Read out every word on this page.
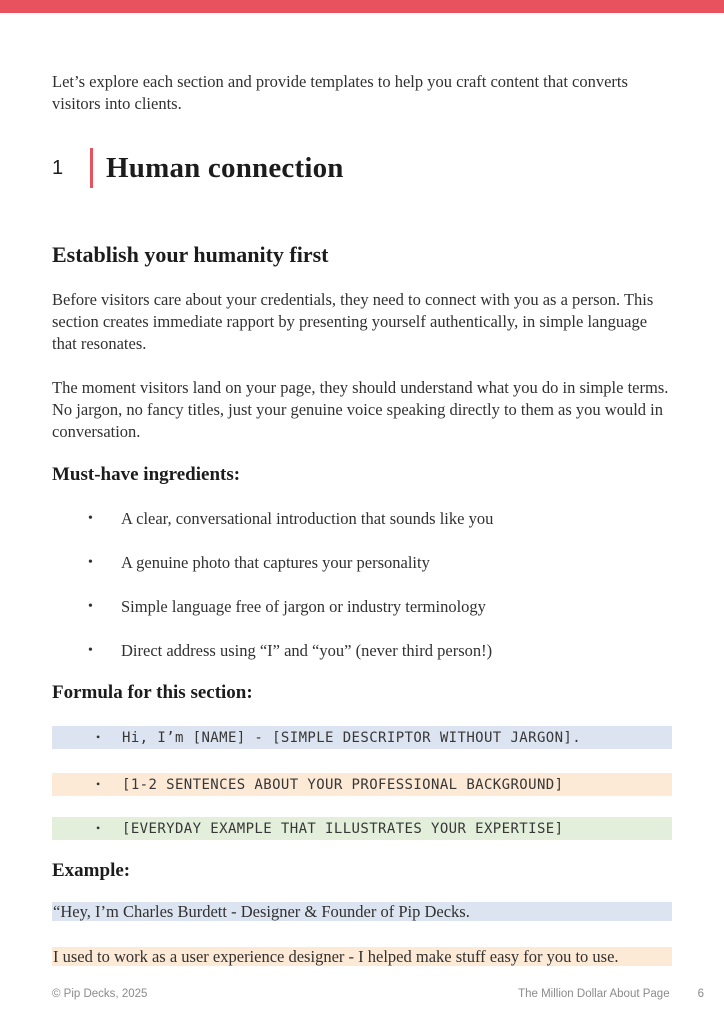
Let’s explore each section and provide templates to help you craft content that converts visitors into clients.

1	Human connection
Establish your humanity first

Before visitors care about your credentials, they need to connect with you as a person. This section creates immediate rapport by presenting yourself authentically, in simple language that resonates.

The moment visitors land on your page, they should understand what you do in simple terms. No jargon, no fancy titles, just your genuine voice speaking directly to them as you would in conversation.

Must-have ingredients:
• A clear, conversational introduction that sounds like you
• A genuine photo that captures your personality
• Simple language free of jargon or industry terminology
• Direct address using “I” and “you” (never third person!)
Formula for this section:
• Hi, I’m [NAME] - [SIMPLE DESCRIPTOR WITHOUT JARGON].
• [1-2 SENTENCES ABOUT YOUR PROFESSIONAL BACKGROUND]
• [EVERYDAY EXAMPLE THAT ILLUSTRATES YOUR EXPERTISE]
Example:
“Hey, I’m Charles Burdett - Designer & Founder of Pip Decks.
I used to work as a user experience designer - I helped make stuff easy for you to use.
© Pip Decks, 2025	The Million Dollar About Page 6
